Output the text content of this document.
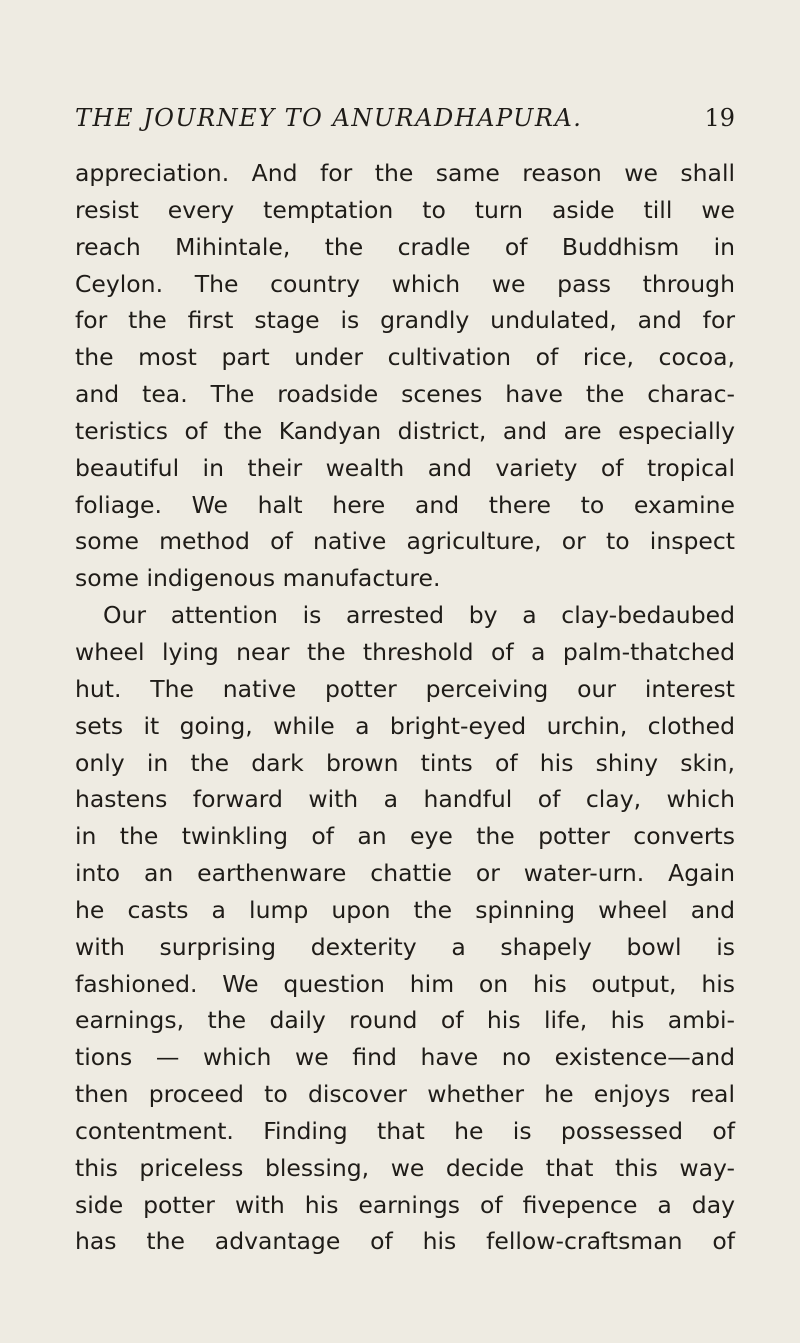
THE JOURNEY TO ANURADHAPURA.	19
appreciation. And for the same reason we shall
resist every temptation to turn aside till we
reach Mihintale, the cradle of Buddhism in
Ceylon. The country which we pass through
for the first stage is grandly undulated, and for
the most part under cultivation of rice, cocoa,
and tea. The roadside scenes have the charac-
teristics of the Kandyan district, and are especially
beautiful in their wealth and variety of tropical
foliage. We halt here and there to examine
some method of native agriculture, or to inspect
some indigenous manufacture.
Our attention is arrested by a clay-bedaubed
wheel lying near the threshold of a palm-thatched
hut. The native potter perceiving our interest
sets it going, while a bright-eyed urchin, clothed
only in the dark brown tints of his shiny skin,
hastens forward with a handful of clay, which
in the twinkling of an eye the potter converts
into an earthenware chattie or water-urn. Again
he casts a lump upon the spinning wheel and
with surprising dexterity a shapely bowl is
fashioned. We question him on his output, his
earnings, the daily round of his life, his ambi-
tions — which we find have no existence—and
then proceed to discover whether he enjoys real
contentment. Finding that he is possessed of
this priceless blessing, we decide that this way-
side potter with his earnings of fivepence a day
has the advantage of his fellow-craftsman of
